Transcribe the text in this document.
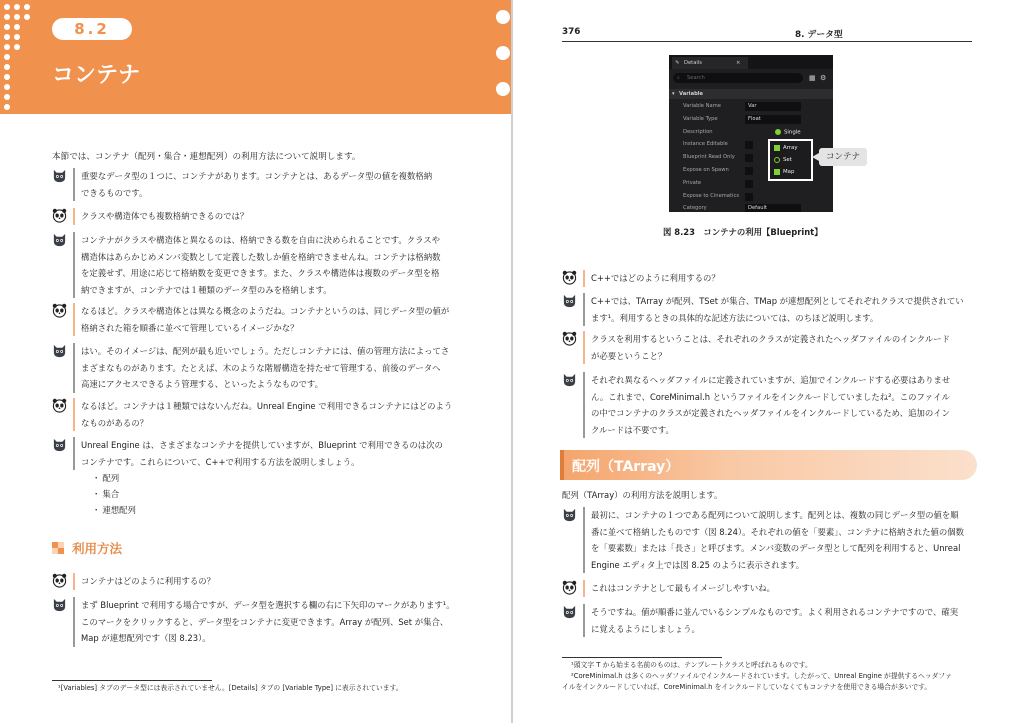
8.2
コンテナ
本節では、コンテナ（配列・集合・連想配列）の利用方法について説明します。
重要なデータ型の１つに、コンテナがあります。コンテナとは、あるデータ型の値を複数格納
できるものです。
クラスや構造体でも複数格納できるのでは？
コンテナがクラスや構造体と異なるのは、格納できる数を自由に決められることです。クラスや
構造体はあらかじめメンバ変数として定義した数しか値を格納できませんね。コンテナは格納数
を定義せず、用途に応じて格納数を変更できます。また、クラスや構造体は複数のデータ型を格
納できますが、コンテナでは１種類のデータ型のみを格納します。
なるほど。クラスや構造体とは異なる概念のようだね。コンテナというのは、同じデータ型の値が
格納された箱を順番に並べて管理しているイメージかな？
はい。そのイメージは、配列が最も近いでしょう。ただしコンテナには、値の管理方法によってさ
まざまなものがあります。たとえば、木のような階層構造を持たせて管理する、前後のデータへ
高速にアクセスできるよう管理する、といったようなものです。
なるほど。コンテナは１種類ではないんだね。Unreal Engine で利用できるコンテナにはどのよう
なものがあるの？
Unreal Engine は、さまざまなコンテナを提供していますが、Blueprint で利用できるのは次の
コンテナです。これらについて、C++で利用する方法を説明しましょう。
・ 配列
・ 集合
・ 連想配列
利用方法
コンテナはどのように利用するの？
まず Blueprint で利用する場合ですが、データ型を選択する欄の右に下矢印のマークがあります¹。
このマークをクリックすると、データ型をコンテナに変更できます。Array が配列、Set が集合、
Map が連想配列です（図 8.23）。
¹[Variables] タブのデータ型には表示されていません。[Details] タブの [Variable Type] に表示されています。
376	8. データ型
✎ Details	×
⌕ Search	▦ ⚙
▾ Variable
Variable Name	Var
Variable Type	Float
Description
Instance Editable
Blueprint Read Only
Expose on Spawn
Private
Expose to Cinematics
Category	Default
Single
Array
Set
Map
コンテナ
図 8.23　コンテナの利用【Blueprint】
C++ではどのように利用するの？
C++では、TArray が配列、TSet が集合、TMap が連想配列としてそれぞれクラスで提供されてい
ます¹。利用するときの具体的な記述方法については、のちほど説明します。
クラスを利用するということは、それぞれのクラスが定義されたヘッダファイルのインクルード
が必要ということ？
それぞれ異なるヘッダファイルに定義されていますが、追加でインクルードする必要はありませ
ん。これまで、CoreMinimal.h というファイルをインクルードしていましたね²。このファイル
の中でコンテナのクラスが定義されたヘッダファイルをインクルードしているため、追加のイン
クルードは不要です。
配列（TArray）
配列（TArray）の利用方法を説明します。
最初に、コンテナの１つである配列について説明します。配列とは、複数の同じデータ型の値を順
番に並べて格納したものです（図 8.24）。それぞれの値を「要素」、コンテナに格納された値の個数
を「要素数」または「長さ」と呼びます。メンバ変数のデータ型として配列を利用すると、Unreal
Engine エディタ上では図 8.25 のように表示されます。
これはコンテナとして最もイメージしやすいね。
そうですね。値が順番に並んでいるシンプルなものです。よく利用されるコンテナですので、確実
に覚えるようにしましょう。
¹頭文字 T から始まる名前のものは、テンプレートクラスと呼ばれるものです。
²CoreMinimal.h は多くのヘッダファイルでインクルードされています。したがって、Unreal Engine が提供するヘッダファ
イルをインクルードしていれば、CoreMinimal.h をインクルードしていなくてもコンテナを使用できる場合が多いです。
